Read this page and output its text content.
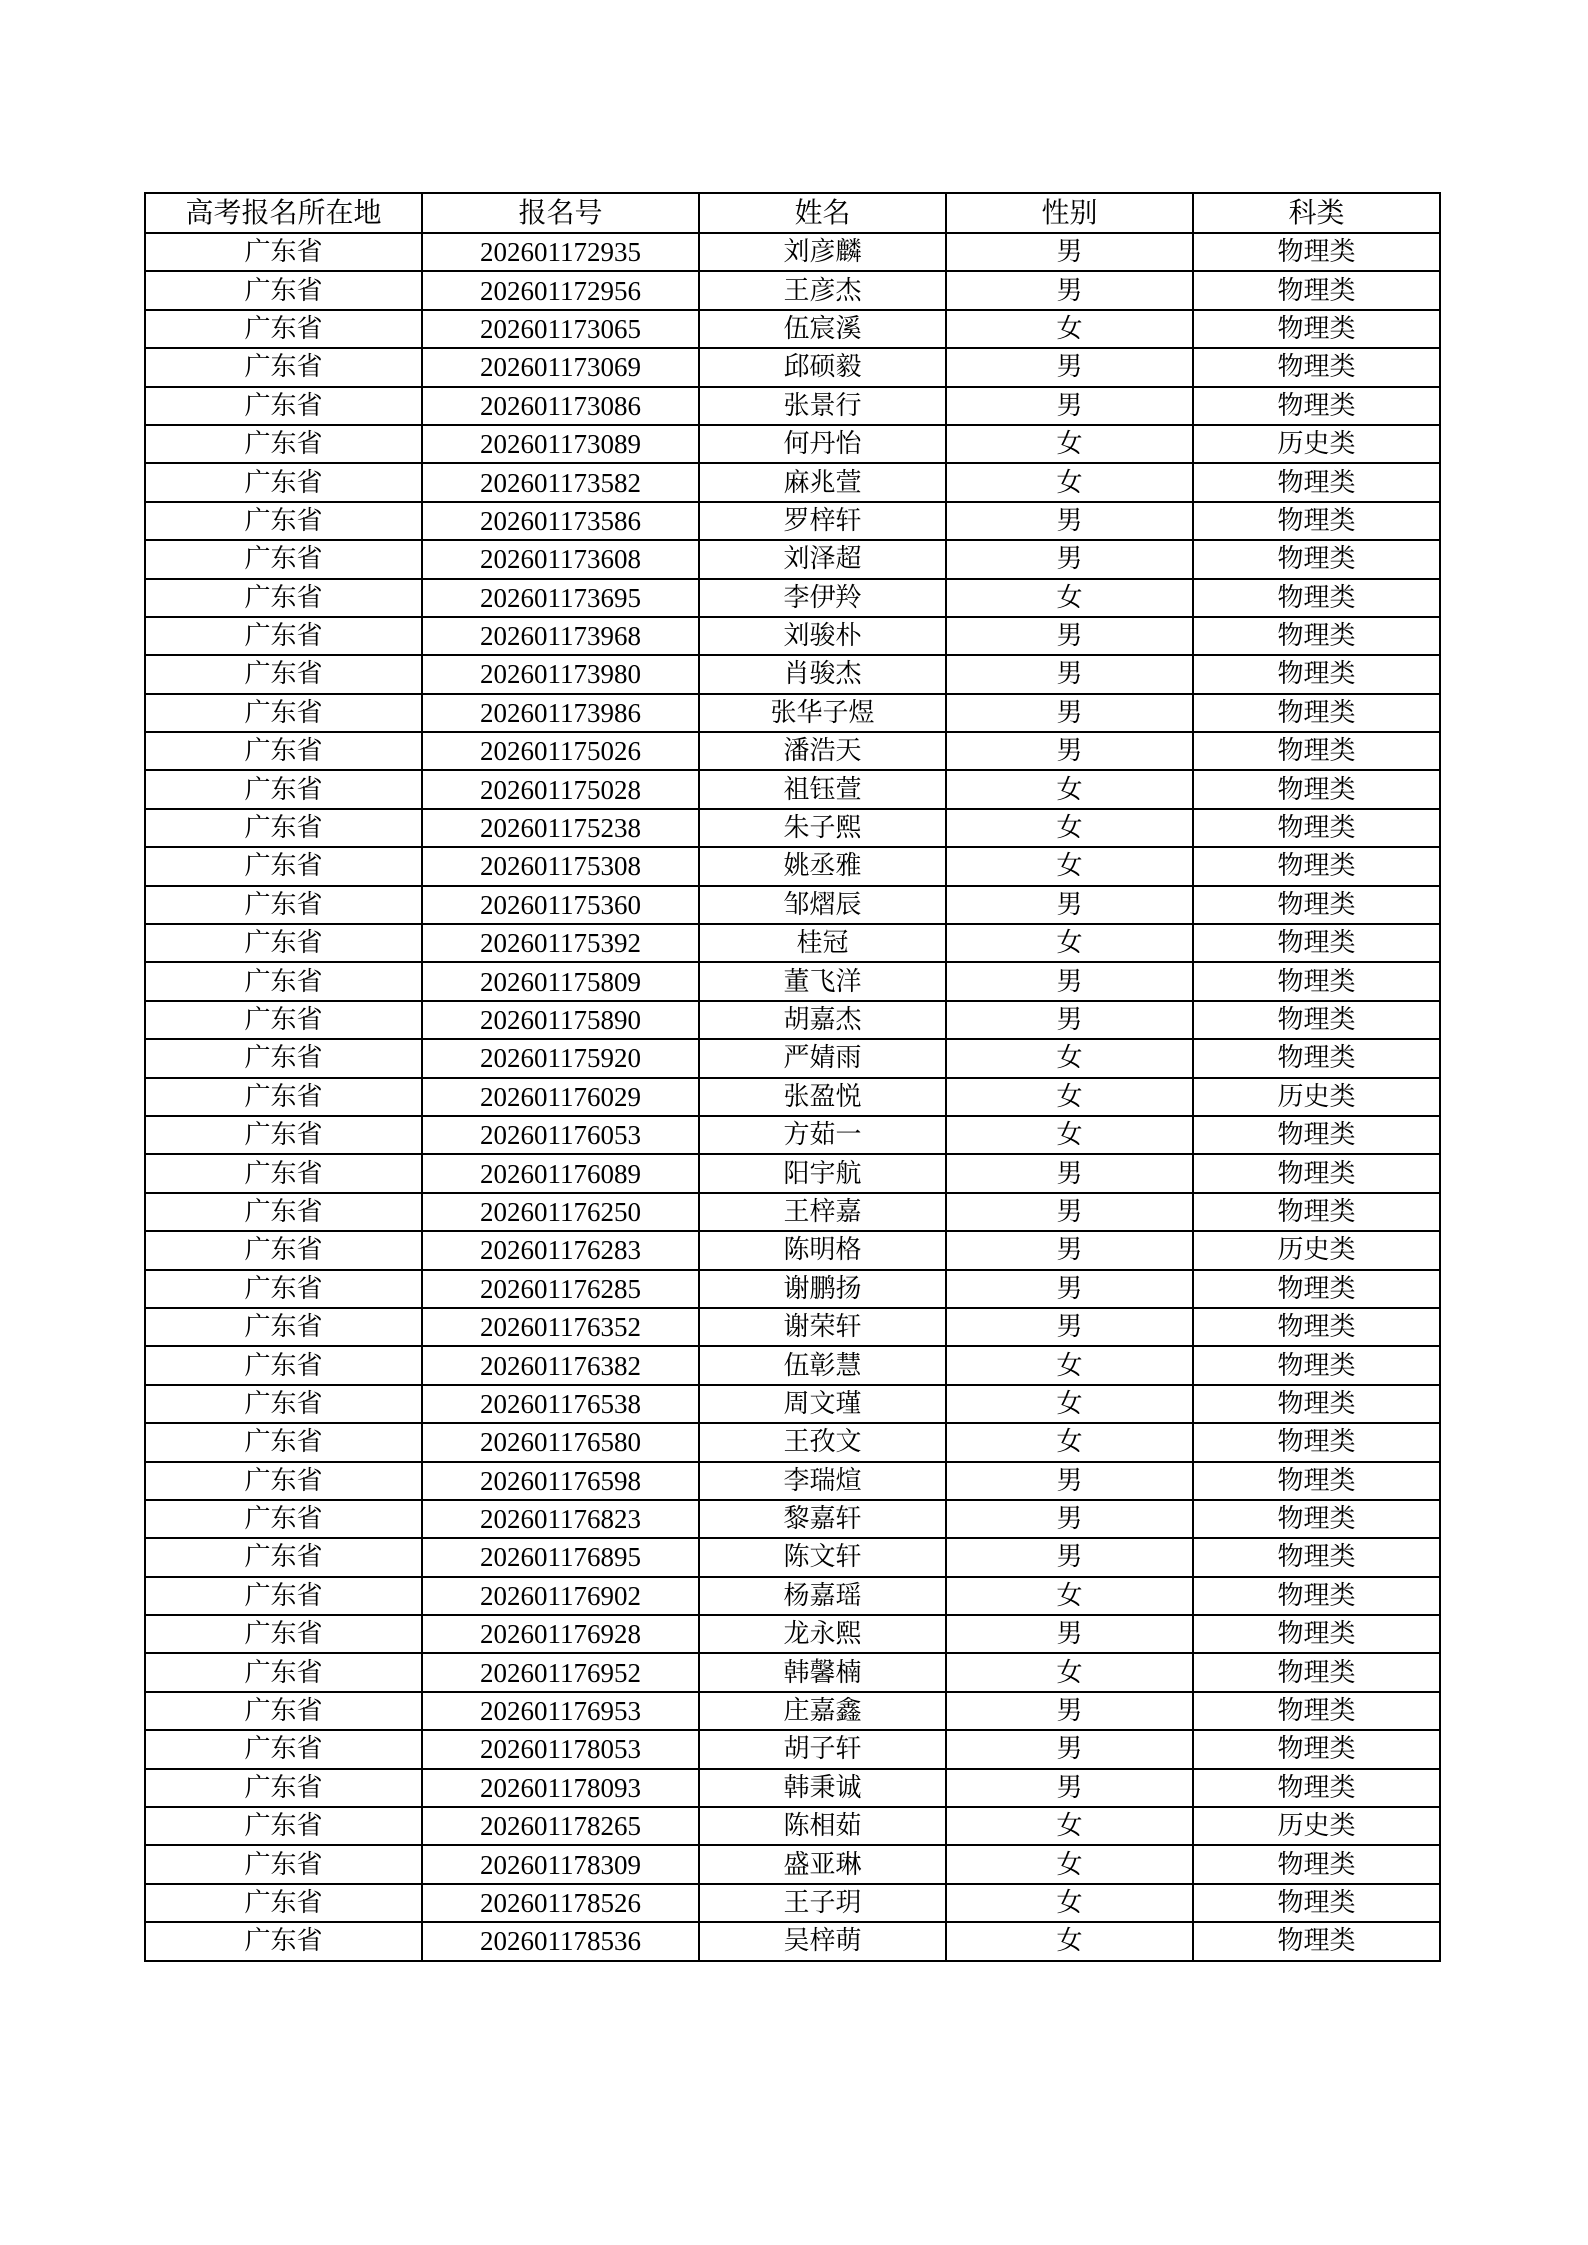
高考报名所在地	报名号	姓名	性别	科类
广东省	202601172935	刘彦麟	男	物理类
广东省	202601172956	王彦杰	男	物理类
广东省	202601173065	伍宸溪	女	物理类
广东省	202601173069	邱硕毅	男	物理类
广东省	202601173086	张景行	男	物理类
广东省	202601173089	何丹怡	女	历史类
广东省	202601173582	麻兆萱	女	物理类
广东省	202601173586	罗梓轩	男	物理类
广东省	202601173608	刘泽超	男	物理类
广东省	202601173695	李伊羚	女	物理类
广东省	202601173968	刘骏朴	男	物理类
广东省	202601173980	肖骏杰	男	物理类
广东省	202601173986	张华子煜	男	物理类
广东省	202601175026	潘浩天	男	物理类
广东省	202601175028	祖钰萱	女	物理类
广东省	202601175238	朱子熙	女	物理类
广东省	202601175308	姚丞雅	女	物理类
广东省	202601175360	邹熠辰	男	物理类
广东省	202601175392	桂冠	女	物理类
广东省	202601175809	董飞洋	男	物理类
广东省	202601175890	胡嘉杰	男	物理类
广东省	202601175920	严婧雨	女	物理类
广东省	202601176029	张盈悦	女	历史类
广东省	202601176053	方茹一	女	物理类
广东省	202601176089	阳宇航	男	物理类
广东省	202601176250	王梓嘉	男	物理类
广东省	202601176283	陈明格	男	历史类
广东省	202601176285	谢鹏扬	男	物理类
广东省	202601176352	谢荣轩	男	物理类
广东省	202601176382	伍彰慧	女	物理类
广东省	202601176538	周文瑾	女	物理类
广东省	202601176580	王孜文	女	物理类
广东省	202601176598	李瑞煊	男	物理类
广东省	202601176823	黎嘉轩	男	物理类
广东省	202601176895	陈文轩	男	物理类
广东省	202601176902	杨嘉瑶	女	物理类
广东省	202601176928	龙永熙	男	物理类
广东省	202601176952	韩馨楠	女	物理类
广东省	202601176953	庄嘉鑫	男	物理类
广东省	202601178053	胡子轩	男	物理类
广东省	202601178093	韩秉诚	男	物理类
广东省	202601178265	陈相茹	女	历史类
广东省	202601178309	盛亚琳	女	物理类
广东省	202601178526	王子玥	女	物理类
广东省	202601178536	吴梓萌	女	物理类
